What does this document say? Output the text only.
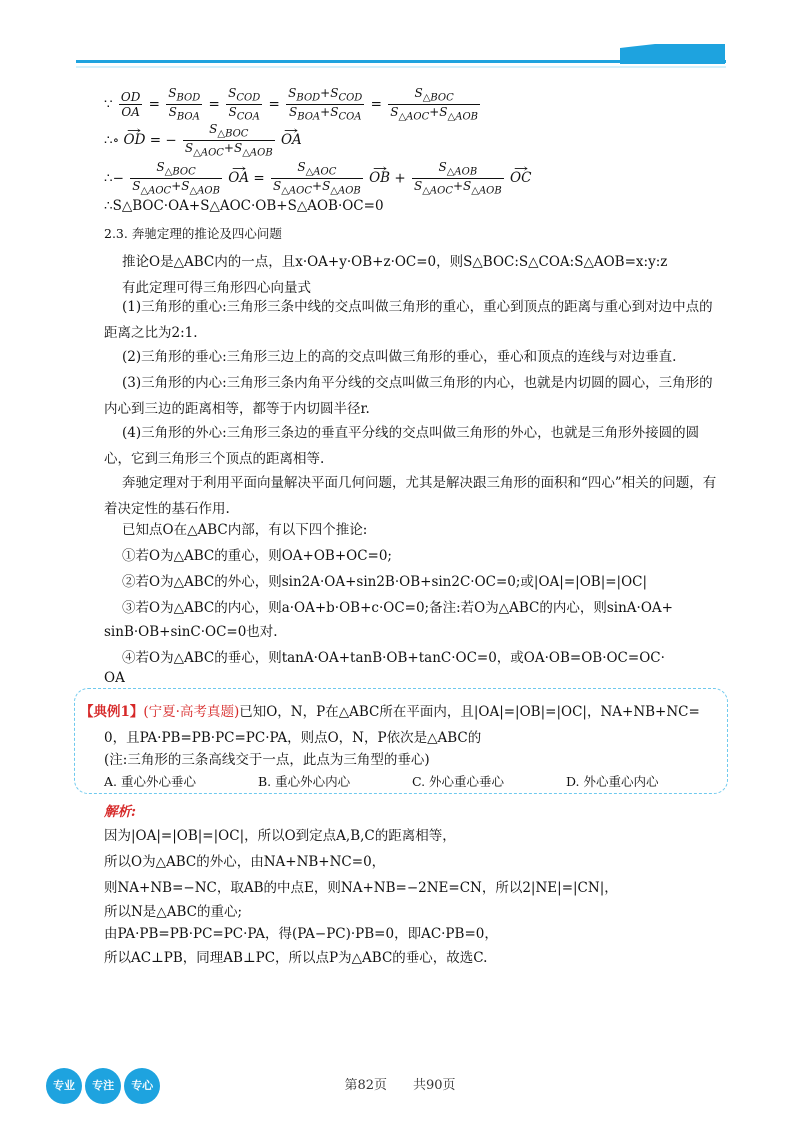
∵ $\frac{OD}{OA} = \frac{S_{BOD}}{S_{BOA}} = \frac{S_{COD}}{S_{COA}} = \frac{S_{BOD}+S_{COD}}{S_{BOA}+S_{COA}} = \frac{S_{\triangle BOC}}{S_{\triangle AOC}+S_{\triangle AOB}}$
∴∘ → OD = − $\frac{S_{\triangle BOC}}{S_{\triangle AOC}+S_{\triangle AOB}}$ → OA
∴− $\frac{S_{\triangle BOC}}{S_{\triangle AOC}+S_{\triangle AOB}}$ → OA = $\frac{S_{\triangle AOC}}{S_{\triangle AOC}+S_{\triangle AOB}}$ → OB + $\frac{S_{\triangle AOB}}{S_{\triangle AOC}+S_{\triangle AOB}}$ → OC
∴S△BOC·OA+S△AOC·OB+S△AOB·OC=0
2.3. 奔驰定理的推论及四心问题
推论O是△ABC内的一点，且x·OA+y·OB+z·OC=0，则S△BOC:S△COA:S△AOB=x:y:z
有此定理可得三角形四心向量式
(1)三角形的重心:三角形三条中线的交点叫做三角形的重心，重心到顶点的距离与重心到对边中点的距离之比为2:1.
(2)三角形的垂心:三角形三边上的高的交点叫做三角形的垂心，垂心和顶点的连线与对边垂直.
(3)三角形的内心:三角形三条内角平分线的交点叫做三角形的内心，也就是内切圆的圆心，三角形的内心到三边的距离相等，都等于内切圆半径r.
(4)三角形的外心:三角形三条边的垂直平分线的交点叫做三角形的外心，也就是三角形外接圆的圆心，它到三角形三个顶点的距离相等.
奔驰定理对于利用平面向量解决平面几何问题，尤其是解决跟三角形的面积和“四心”相关的问题，有着决定性的基石作用.
已知点O在△ABC内部，有以下四个推论:
①若O为△ABC的重心，则OA+OB+OC=0;
②若O为△ABC的外心，则sin2A·OA+sin2B·OB+sin2C·OC=0;或|OA|=|OB|=|OC|
③若O为△ABC的内心，则a·OA+b·OB+c·OC=0;备注:若O为△ABC的内心，则sinA·OA+
sinB·OB+sinC·OC=0也对.
④若O为△ABC的垂心，则tanA·OA+tanB·OB+tanC·OC=0，或OA·OB=OB·OC=OC·
OA
【典例1】(宁夏·高考真题)已知O，N，P在△ABC所在平面内，且|OA|=|OB|=|OC|，NA+NB+NC=
0，且PA·PB=PB·PC=PC·PA，则点O，N，P依次是△ABC的
(注:三角形的三条高线交于一点，此点为三角型的垂心)
A. 重心外心垂心	B. 重心外心内心	C. 外心重心垂心	D. 外心重心内心
解析:
因为|OA|=|OB|=|OC|，所以O到定点A,B,C的距离相等，
所以O为△ABC的外心，由NA+NB+NC=0，
则NA+NB=−NC，取AB的中点E，则NA+NB=−2NE=CN，所以2|NE|=|CN|，
所以N是△ABC的重心;
由PA·PB=PB·PC=PC·PA，得(PA−PC)·PB=0，即AC·PB=0，
所以AC⊥PB，同理AB⊥PC，所以点P为△ABC的垂心，故选C.
专业 专注 专心	第82页　　共90页
